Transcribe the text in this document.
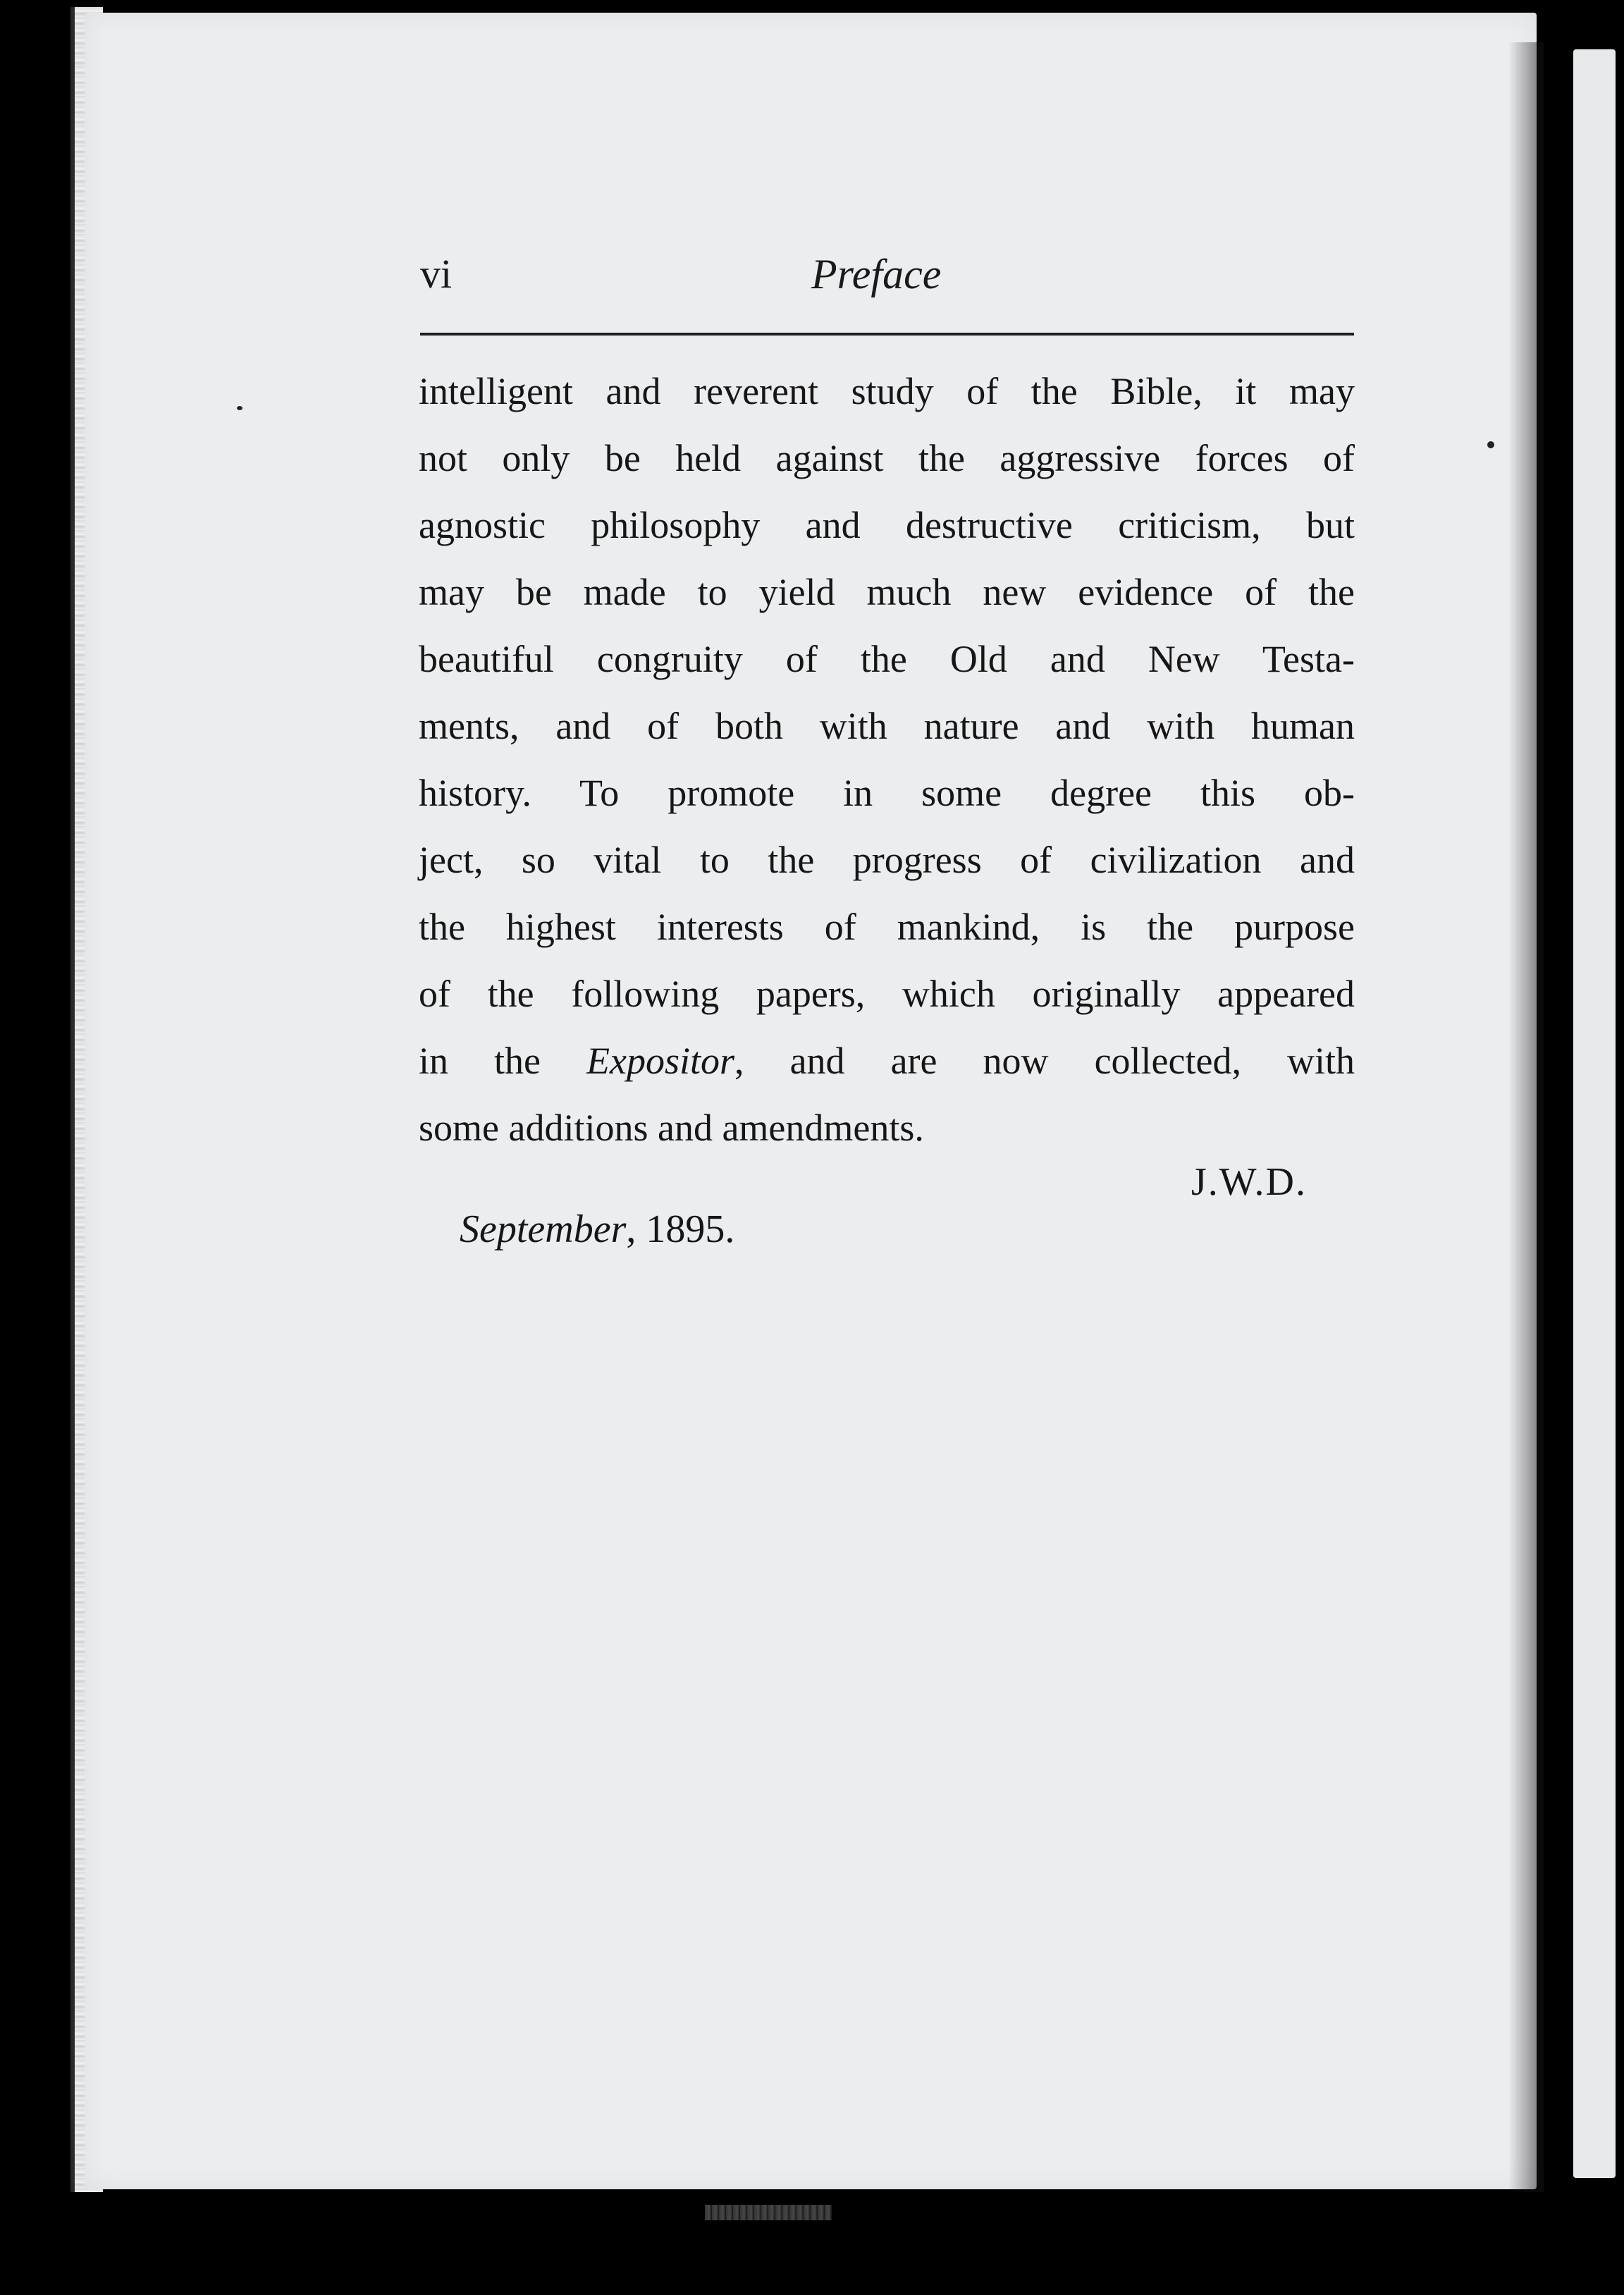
vi	Preface
intelligent and reverent study of the Bible, it may
not only be held against the aggressive forces of
agnostic philosophy and destructive criticism, but
may be made to yield much new evidence of the
beautiful congruity of the Old and New Testa-
ments, and of both with nature and with human
history. To promote in some degree this ob-
ject, so vital to the progress of civilization and
the highest interests of mankind, is the purpose
of the following papers, which originally appeared
in the Expositor, and are now collected, with
some additions and amendments.
J.W.D.
September, 1895.
